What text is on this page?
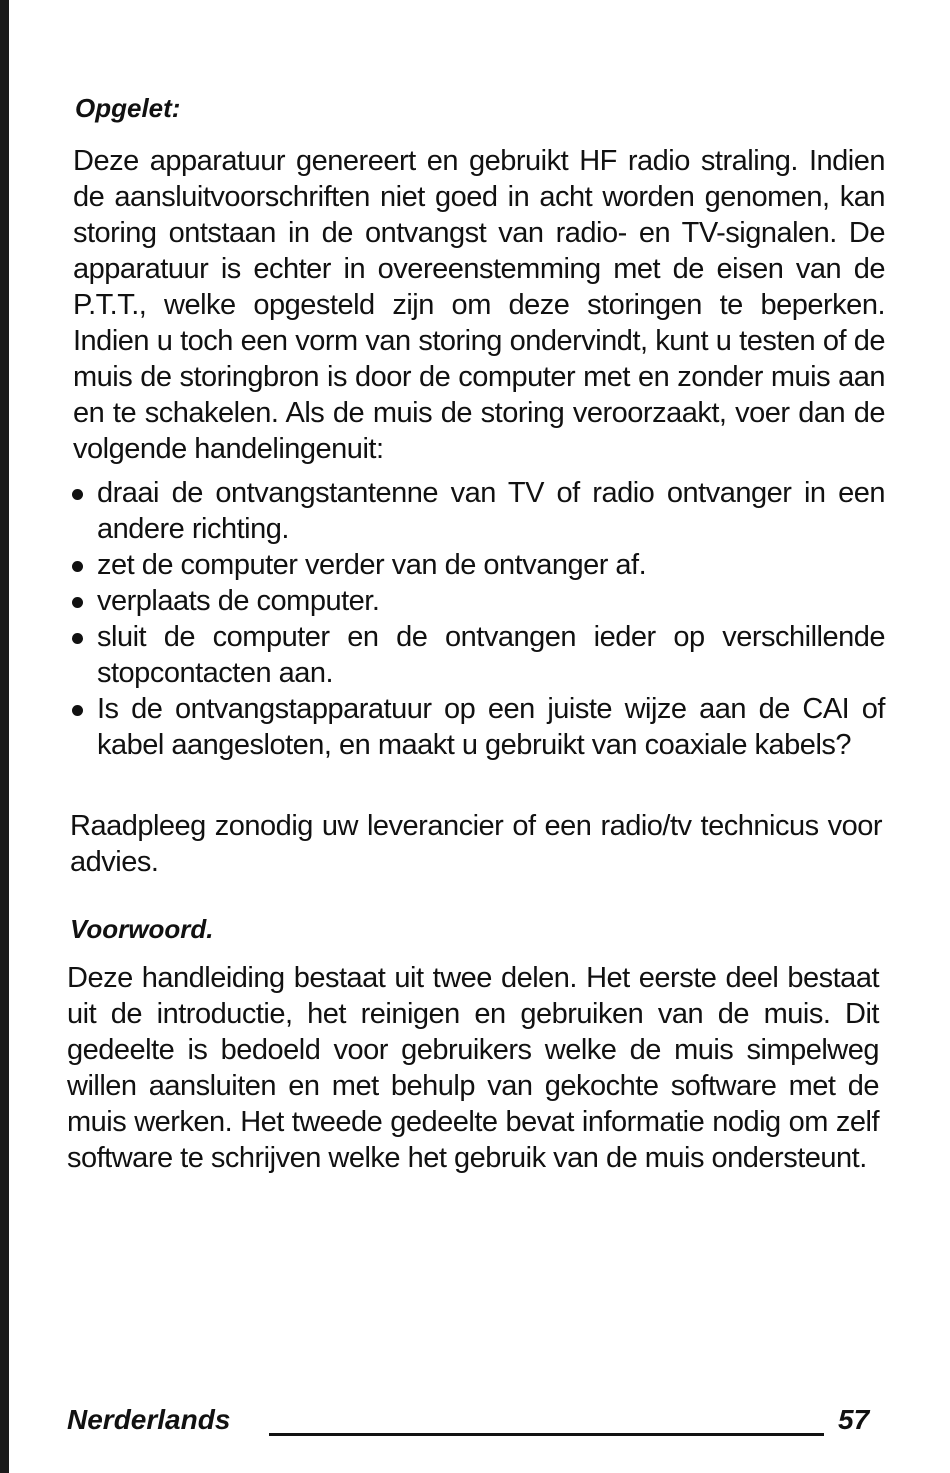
Opgelet:

Deze apparatuur genereert en gebruikt HF radio straling. Indien de aansluitvoorschriften niet goed in acht worden genomen, kan storing ontstaan in de ontvangst van radio- en TV-signalen. De apparatuur is echter in overeenstemming met de eisen van de P.T.T., welke opgesteld zijn om deze storingen te beperken. Indien u toch een vorm van storing ondervindt, kunt u testen of de muis de storingbron is door de computer met en zonder muis aan en te schakelen. Als de muis de storing veroorzaakt, voer dan de volgende handelingenuit:

draai de ontvangstantenne van TV of radio ontvanger in een andere richting.
zet de computer verder van de ontvanger af.
verplaats de computer.
sluit de computer en de ontvangen ieder op verschillende stopcontacten aan.
Is de ontvangstapparatuur op een juiste wijze aan de CAI of kabel aangesloten, en maakt u gebruikt van coaxiale kabels?

Raadpleeg zonodig uw leverancier of een radio/tv technicus voor advies.

Voorwoord.

Deze handleiding bestaat uit twee delen. Het eerste deel bestaat uit de introductie, het reinigen en gebruiken van de muis. Dit gedeelte is bedoeld voor gebruikers welke de muis simpelweg willen aansluiten en met behulp van gekochte software met de muis werken. Het tweede gedeelte bevat informatie nodig om zelf software te schrijven welke het gebruik van de muis ondersteunt.

Nerderlands	57
